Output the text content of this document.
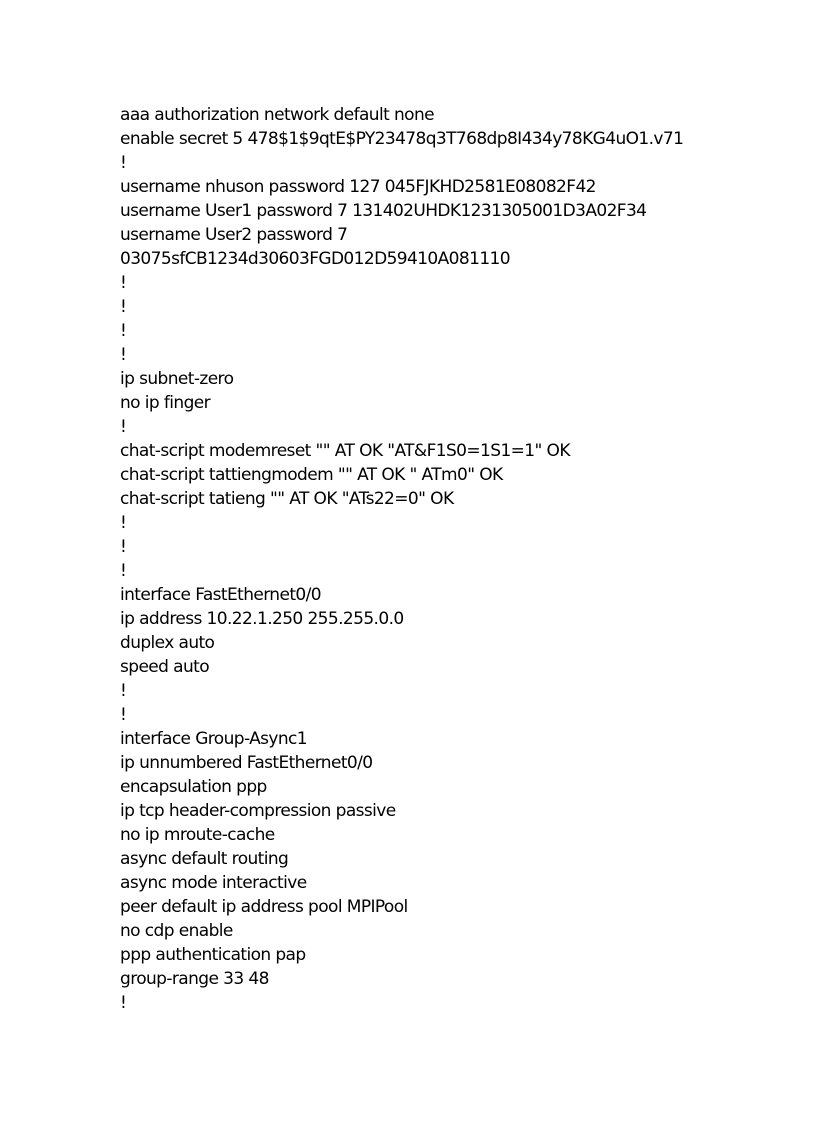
aaa authorization network default none
enable secret 5 478$1$9qtE$PY23478q3T768dp8I434y78KG4uO1.v71
!
username nhuson password 127 045FJKHD2581E08082F42
username User1 password 7 131402UHDK1231305001D3A02F34
username User2 password 7
03075sfCB1234d30603FGD012D59410A081110
!
!
!
!
ip subnet-zero
no ip finger
!
chat-script modemreset "" AT OK "AT&F1S0=1S1=1" OK
chat-script tattiengmodem "" AT OK " ATm0" OK
chat-script tatieng "" AT OK "ATs22=0" OK
!
!
!
interface FastEthernet0/0
ip address 10.22.1.250 255.255.0.0
duplex auto
speed auto
!
!
interface Group-Async1
ip unnumbered FastEthernet0/0
encapsulation ppp
ip tcp header-compression passive
no ip mroute-cache
async default routing
async mode interactive
peer default ip address pool MPIPool
no cdp enable
ppp authentication pap
group-range 33 48
!
